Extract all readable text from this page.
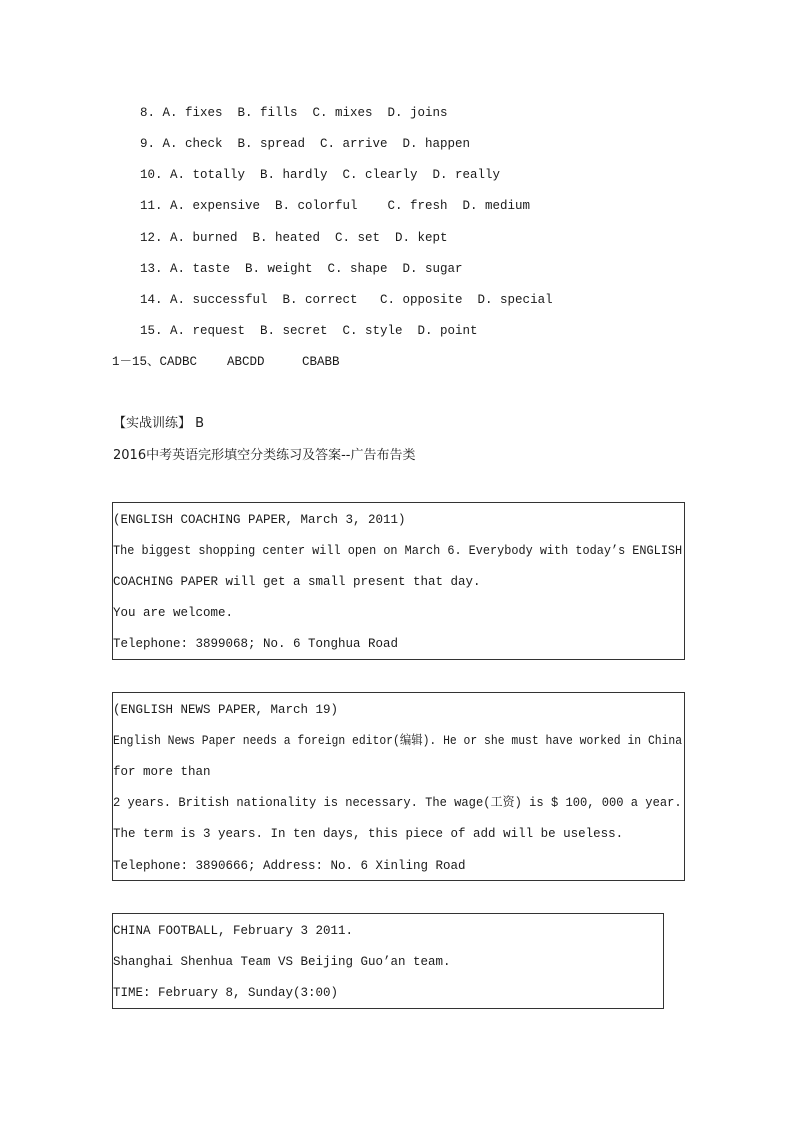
8. A. fixes  B. fills  C. mixes  D. joins
9. A. check  B. spread  C. arrive  D. happen
10. A. totally  B. hardly  C. clearly  D. really
11. A. expensive  B. colorful    C. fresh  D. medium
12. A. burned  B. heated  C. set  D. kept
13. A. taste  B. weight  C. shape  D. sugar
14. A. successful  B. correct   C. opposite  D. special
15. A. request  B. secret  C. style  D. point
1－15、CADBC    ABCDD     CBABB
【实战训练】 B
2016中考英语完形填空分类练习及答案--广告布告类
(ENGLISH COACHING PAPER, March 3, 2011)
The biggest shopping center will open on March 6. Everybody with today’s ENGLISH
COACHING PAPER will get a small present that day.
You are welcome.
Telephone: 3899068; No. 6 Tonghua Road
(ENGLISH NEWS PAPER, March 19)
English News Paper needs a foreign editor(编辑). He or she must have worked in China
for more than
2 years. British nationality is necessary. The wage(工资) is $ 100, 000 a year.
The term is 3 years. In ten days, this piece of add will be useless.
Telephone: 3890666; Address: No. 6 Xinling Road
CHINA FOOTBALL, February 3 2011.
Shanghai Shenhua Team VS Beijing Guo’an team.
TIME: February 8, Sunday(3:00)
